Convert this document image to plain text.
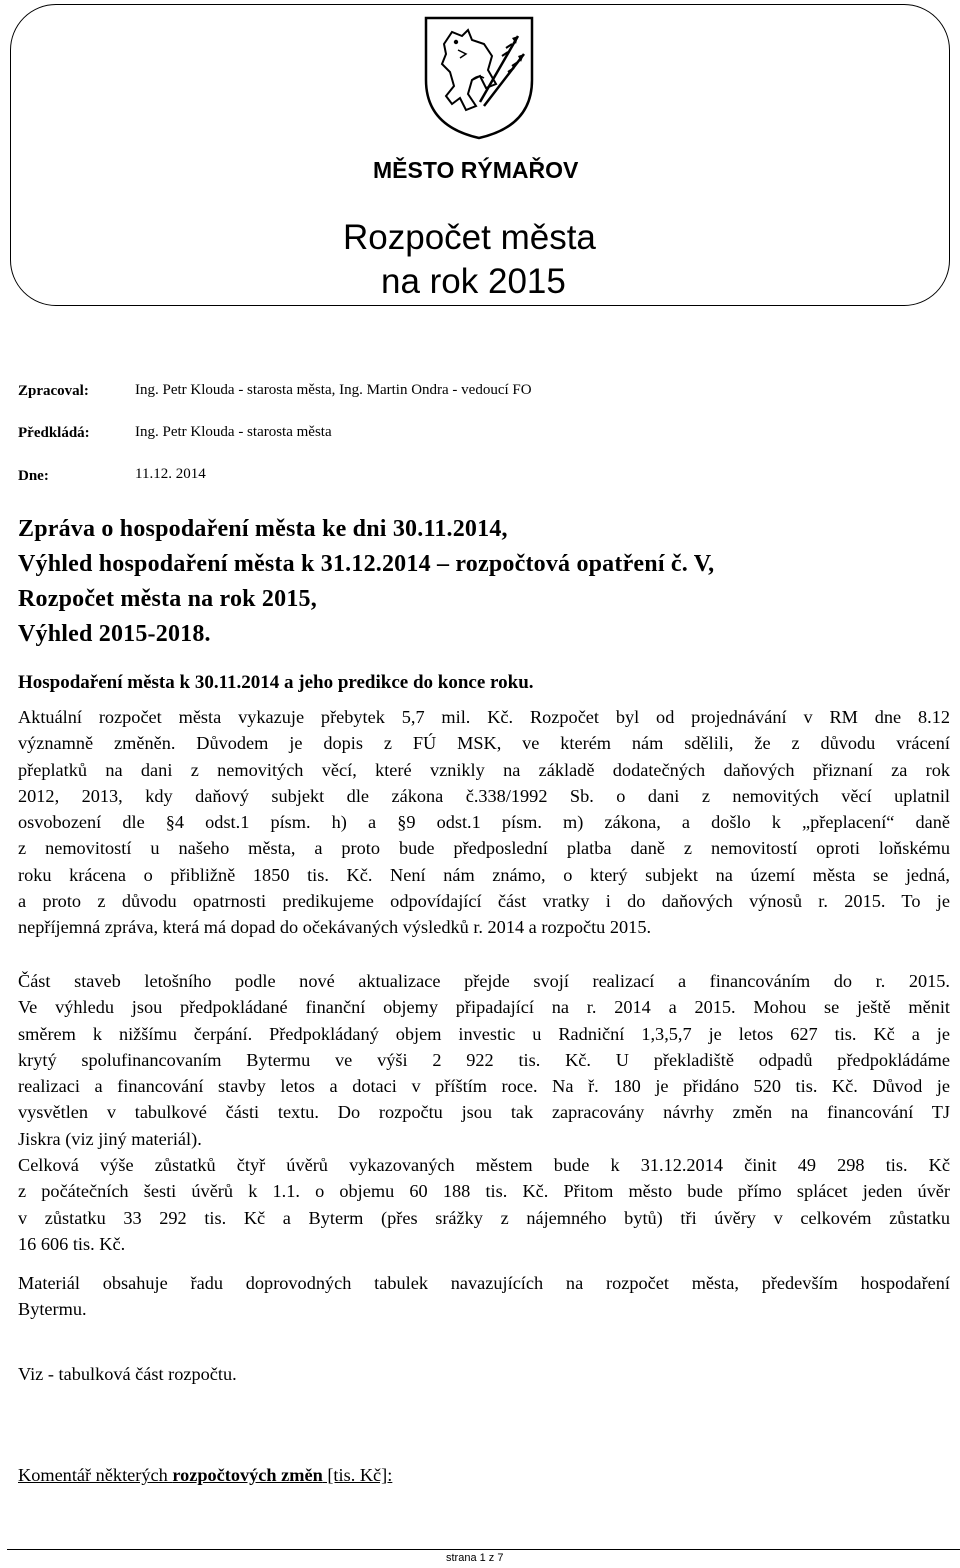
MĚSTO RÝMAŘOV
Rozpočet města
na rok 2015
Zpracoval:	Ing. Petr Klouda - starosta města, Ing. Martin Ondra - vedoucí FO
Předkládá:	Ing. Petr Klouda - starosta města
Dne:	11.12. 2014
Zpráva o hospodaření města ke dni 30.11.2014,
Výhled hospodaření města k 31.12.2014 – rozpočtová opatření č. V,
Rozpočet města na rok 2015,
Výhled 2015-2018.
Hospodaření města k 30.11.2014 a jeho predikce do konce roku.
Aktuální rozpočet města vykazuje přebytek 5,7 mil. Kč. Rozpočet byl od projednávání v RM dne 8.12
významně změněn. Důvodem je dopis z FÚ MSK, ve kterém nám sdělili, že z důvodu vrácení
přeplatků na dani z nemovitých věcí, které vznikly na základě dodatečných daňových přiznaní za rok
2012, 2013, kdy daňový subjekt dle zákona č.338/1992 Sb. o dani z nemovitých věcí uplatnil
osvobození dle §4 odst.1 písm. h) a §9 odst.1 písm. m) zákona, a došlo k „přeplacení“ daně
z nemovitostí u našeho města, a proto bude předposlední platba daně z nemovitostí oproti loňskému
roku krácena o přibližně 1850 tis. Kč. Není nám známo, o který subjekt na území města se jedná,
a proto z důvodu opatrnosti predikujeme odpovídající část vratky i do daňových výnosů r. 2015. To je
nepříjemná zpráva, která má dopad do očekávaných výsledků r. 2014 a rozpočtu 2015.
Část staveb letošního podle nové aktualizace přejde svojí realizací a financováním do r. 2015.
Ve výhledu jsou předpokládané finanční objemy připadající na r. 2014 a 2015. Mohou se ještě měnit
směrem k nižšímu čerpání. Předpokládaný objem investic u Radniční 1,3,5,7 je letos 627 tis. Kč a je
krytý spolufinancovaním Bytermu ve výši 2 922 tis. Kč. U překladiště odpadů předpokládáme
realizaci a financování stavby letos a dotaci v příštím roce. Na ř. 180 je přidáno 520 tis. Kč. Důvod je
vysvětlen v tabulkové části textu. Do rozpočtu jsou tak zapracovány návrhy změn na financování TJ
Jiskra (viz jiný materiál).
Celková výše zůstatků čtyř úvěrů vykazovaných městem bude k 31.12.2014 činit 49 298 tis. Kč
z počátečních šesti úvěrů k 1.1. o objemu 60 188 tis. Kč. Přitom město bude přímo splácet jeden úvěr
v zůstatku 33 292 tis. Kč a Byterm (přes srážky z nájemného bytů) tři úvěry v celkovém zůstatku
16 606 tis. Kč.
Materiál obsahuje řadu doprovodných tabulek navazujících na rozpočet města, především hospodaření
Bytermu.
Viz - tabulková část rozpočtu.
Komentář některých rozpočtových změn [tis. Kč]:
strana 1 z 7
